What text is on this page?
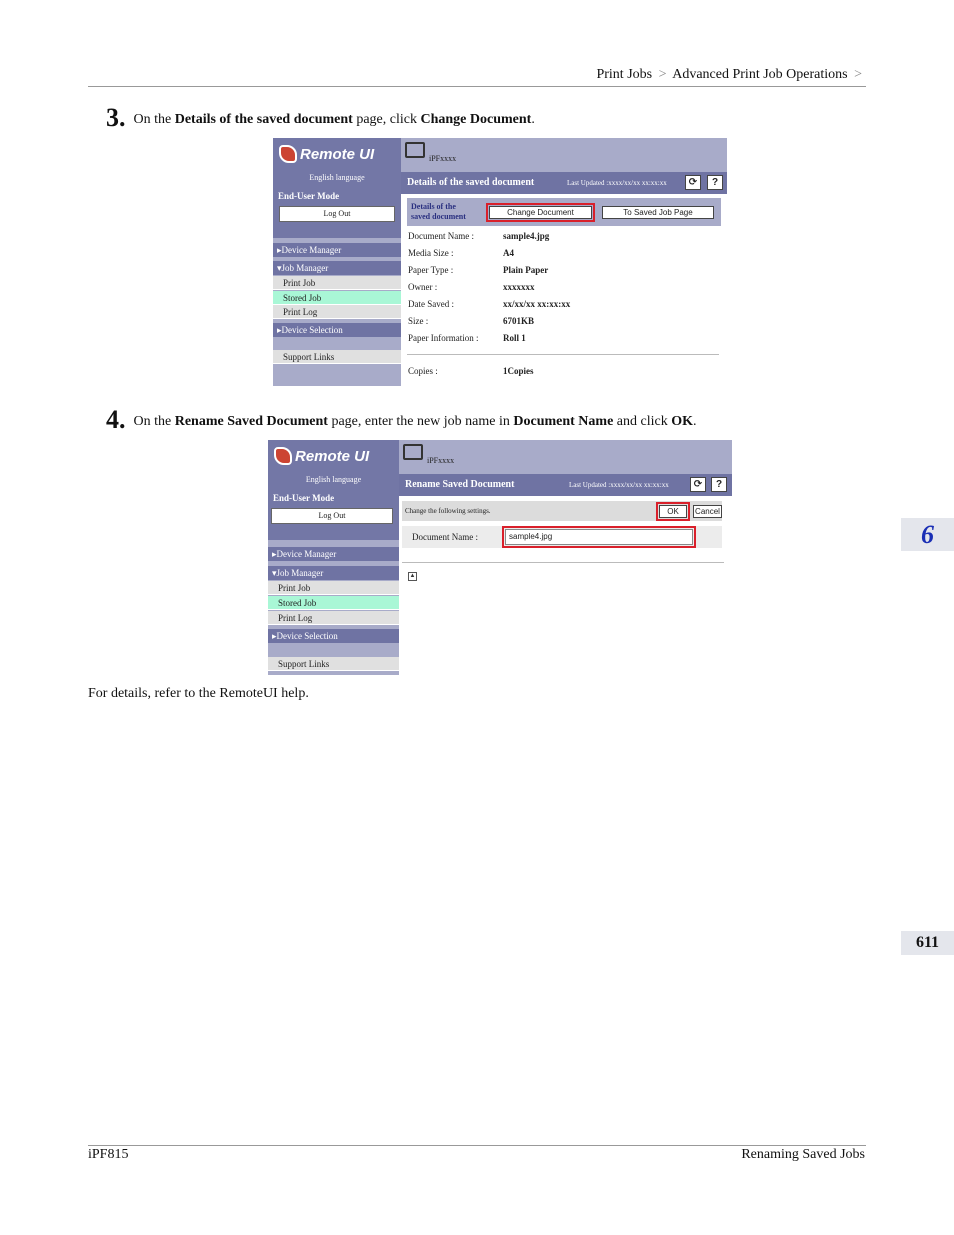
Print Jobs > Advanced Print Job Operations >
3. On the Details of the saved document page, click Change Document.
Remote UI
English language
End-User Mode
Log Out
▸Device Manager
▾Job Manager
Print Job
Stored Job
Print Log
▸Device Selection
Support Links
iPFxxxx
Details of the saved document	Last Updated :xxxx/xx/xx xx:xx:xx	⟳	?
Details of the
saved document	Change Document	To Saved Job Page
Document Name :	sample4.jpg
Media Size :	A4
Paper Type :	Plain Paper
Owner :	xxxxxxx
Date Saved :	xx/xx/xx xx:xx:xx
Size :	6701KB
Paper Information :	Roll 1
Copies :	1Copies
4. On the Rename Saved Document page, enter the new job name in Document Name and click OK.
Remote UI
English language
End-User Mode
Log Out
▸Device Manager
▾Job Manager
Print Job
Stored Job
Print Log
▸Device Selection
Support Links
iPFxxxx
Rename Saved Document	Last Updated :xxxx/xx/xx xx:xx:xx	⟳	?
Change the following settings.	OK	Cancel
Document Name :	sample4.jpg
▲
For details, refer to the RemoteUI help.
6
611
iPF815	Renaming Saved Jobs
